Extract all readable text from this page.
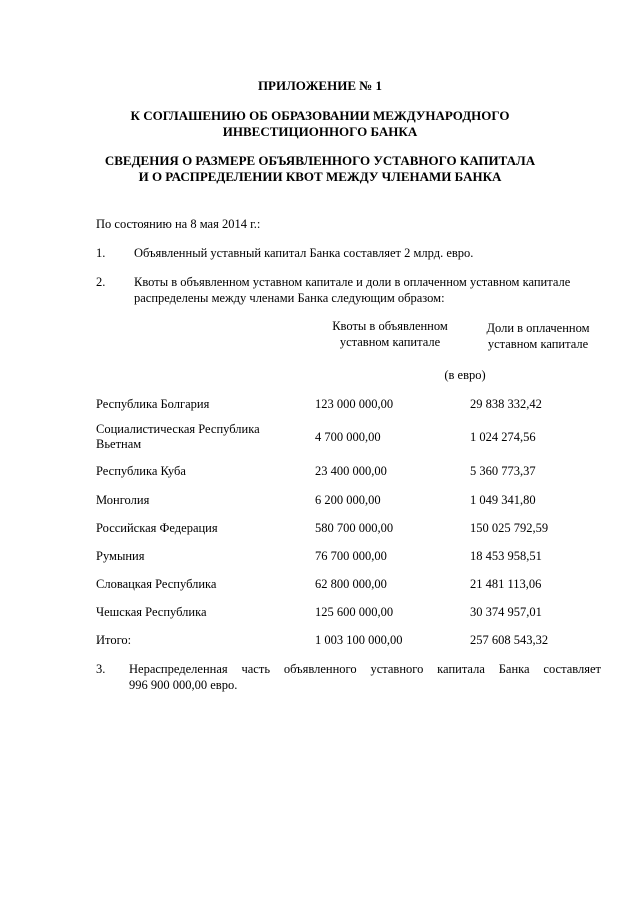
ПРИЛОЖЕНИЕ № 1
К СОГЛАШЕНИЮ ОБ ОБРАЗОВАНИИ МЕЖДУНАРОДНОГО
ИНВЕСТИЦИОННОГО БАНКА
СВЕДЕНИЯ О РАЗМЕРЕ ОБЪЯВЛЕННОГО УСТАВНОГО КАПИТАЛА
И О РАСПРЕДЕЛЕНИИ КВОТ МЕЖДУ ЧЛЕНАМИ БАНКА
По состоянию на 8 мая 2014 г.:
1. Объявленный уставный капитал Банка составляет 2 млрд. евро.
2. Квоты в объявленном уставном капитале и доли в оплаченном уставном капитале
распределены между членами Банка следующим образом:
Квоты в объявленном
уставном капитале
Доли в оплаченном
уставном капитале
(в евро)
Республика Болгария	123 000 000,00	29 838 332,42
Социалистическая Республика
Вьетнам	4 700 000,00	1 024 274,56
Республика Куба	23 400 000,00	5 360 773,37
Монголия	6 200 000,00	1 049 341,80
Российская Федерация	580 700 000,00	150 025 792,59
Румыния	76 700 000,00	18 453 958,51
Словацкая Республика	62 800 000,00	21 481 113,06
Чешская Республика	125 600 000,00	30 374 957,01
Итого:	1 003 100 000,00	257 608 543,32
3. Нераспределенная часть объявленного уставного капитала Банка составляет
996 900 000,00 евро.
